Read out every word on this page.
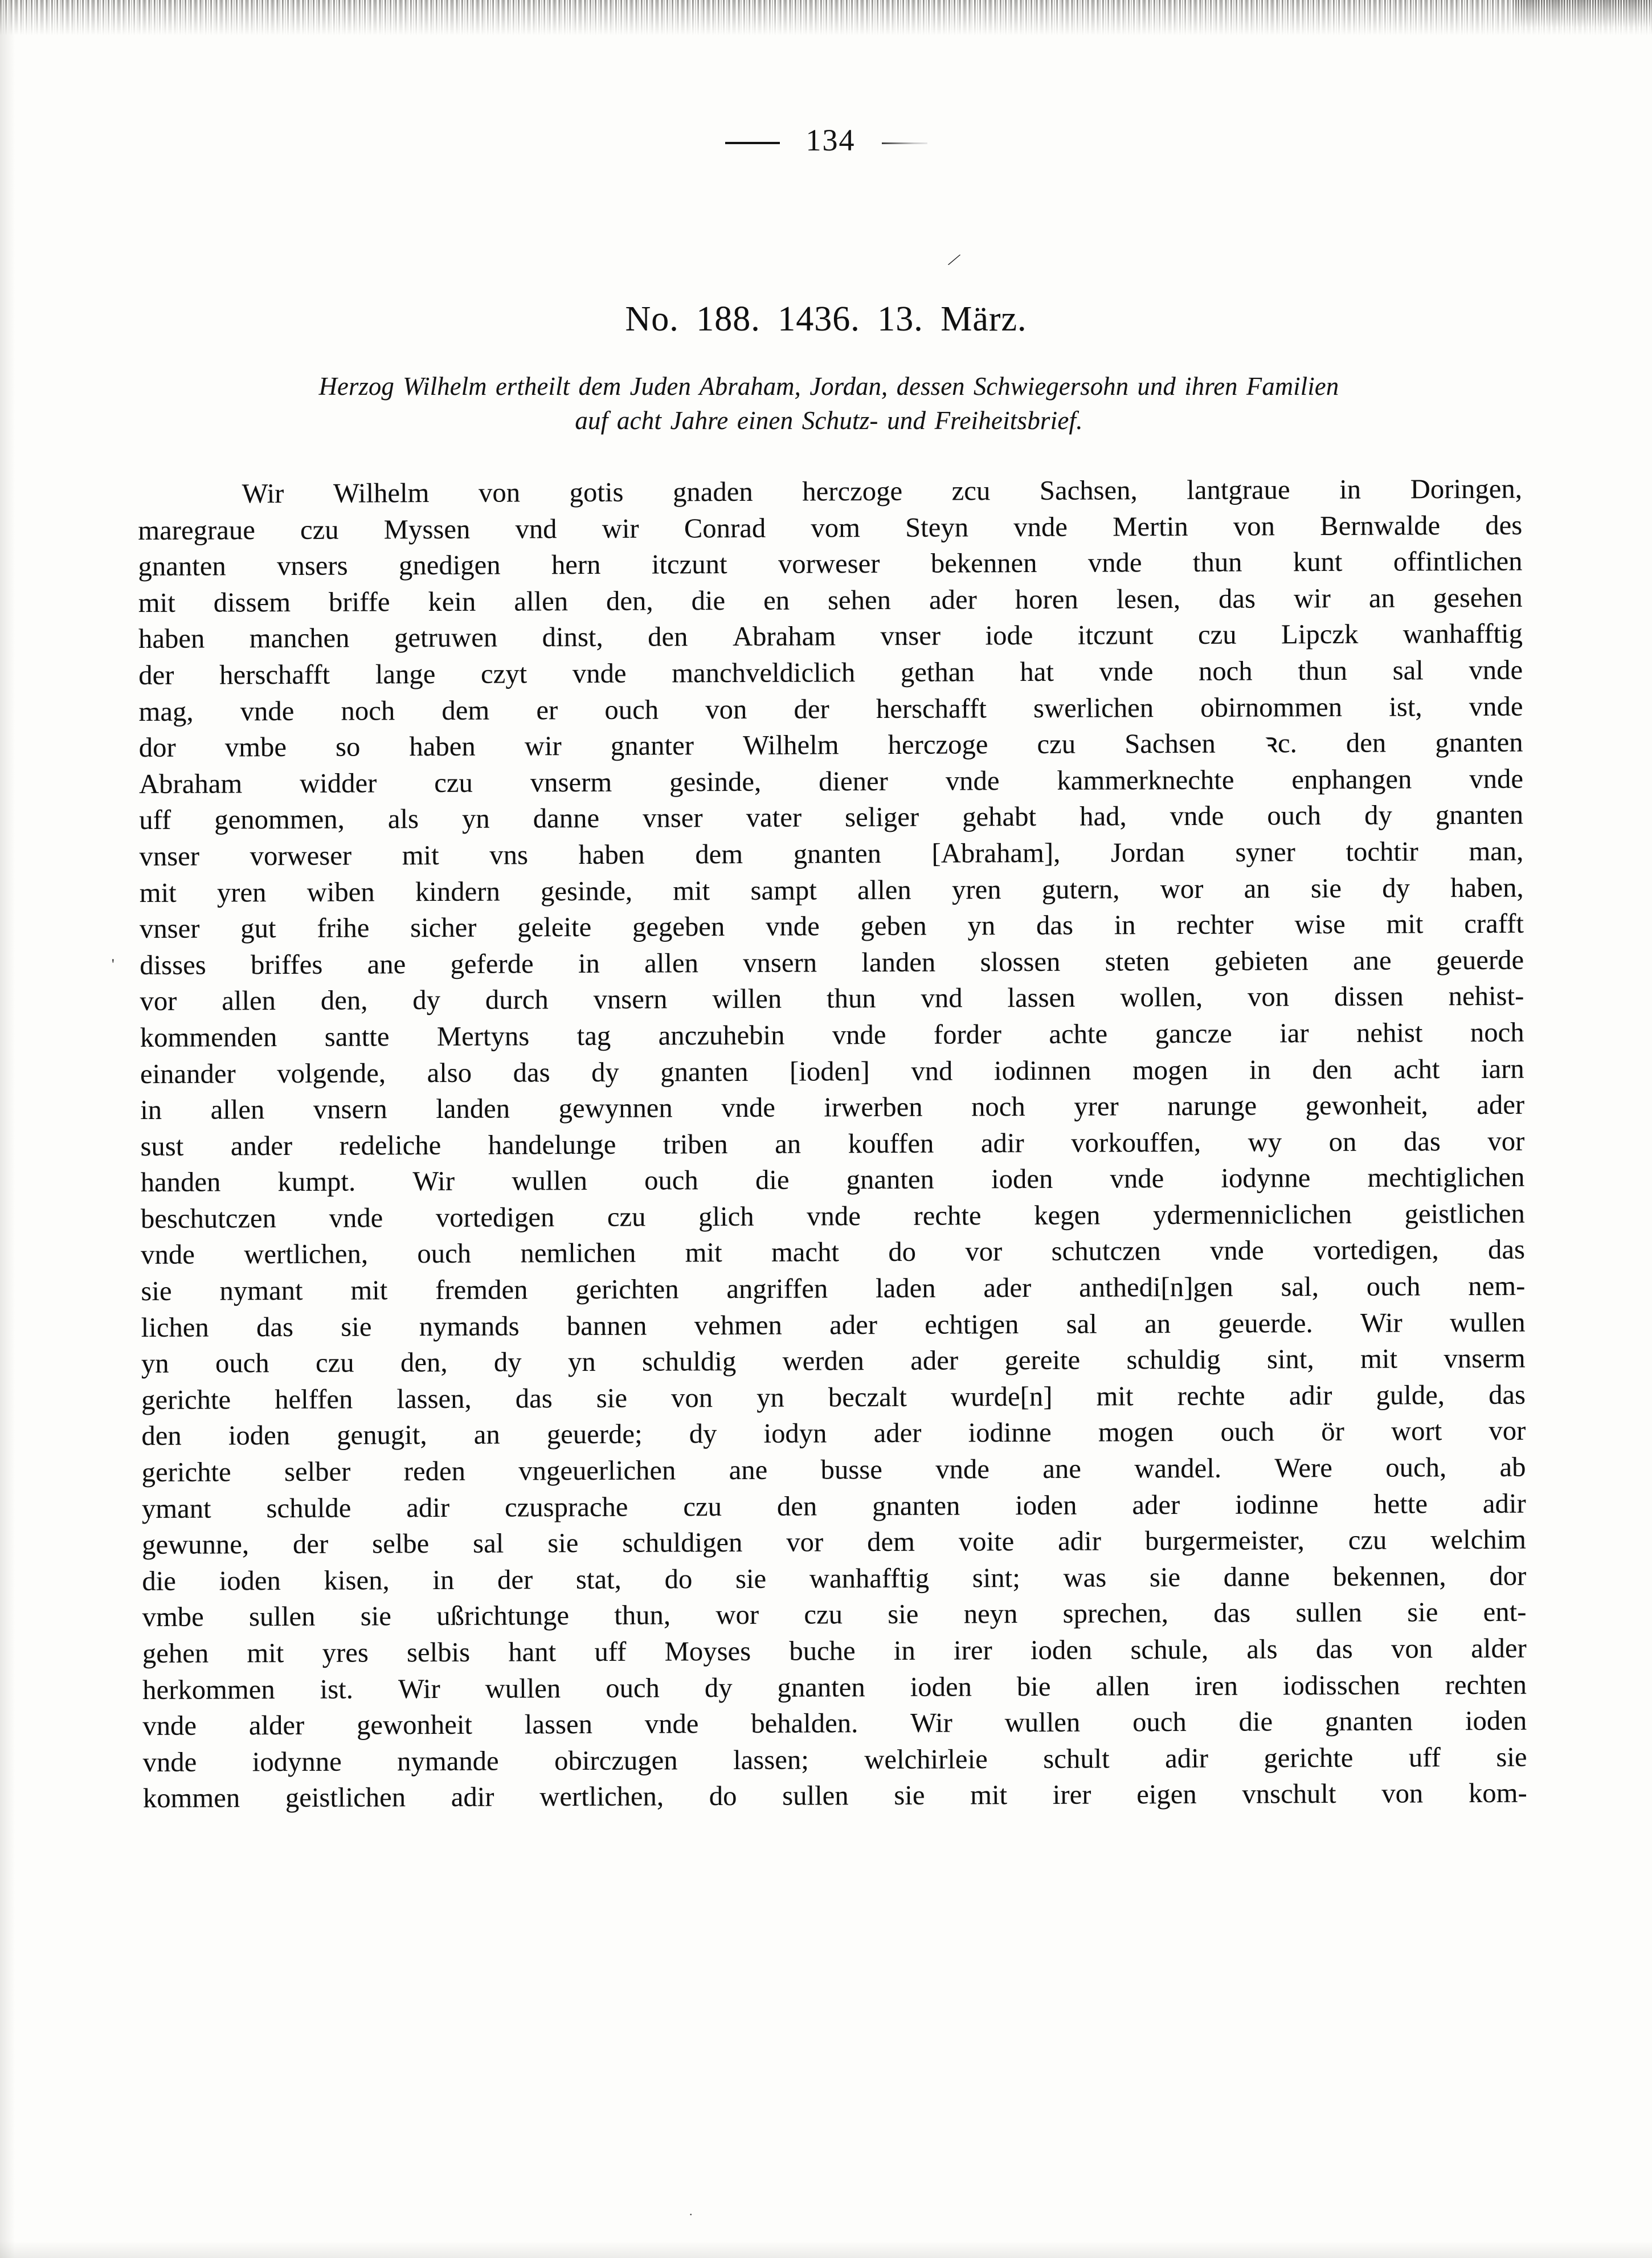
134
⁄
'
.
No. 188. 1436. 13. März.
Herzog Wilhelm ertheilt dem Juden Abraham, Jordan, dessen Schwiegersohn und ihren Familien
auf acht Jahre einen Schutz- und Freiheitsbrief.
Wir Wilhelm von gotis gnaden herczoge zcu Sachsen, lantgraue in Doringen,
maregraue czu Myssen vnd wir Conrad vom Steyn vnde Mertin von Bernwalde des
gnanten vnsers gnedigen hern itczunt vorweser bekennen vnde thun kunt offintlichen
mit dissem briffe kein allen den, die en sehen ader horen lesen, das wir an gesehen
haben manchen getruwen dinst, den Abraham vnser iode itczunt czu Lipczk wanhafftig
der herschafft lange czyt vnde manchveldiclich gethan hat vnde noch thun sal vnde
mag, vnde noch dem er ouch von der herschafft swerlichen obirnommen ist, vnde
dor vmbe so haben wir gnanter Wilhelm herczoge czu Sachsen ꝛc. den gnanten
Abraham widder czu vnserm gesinde, diener vnde kammerknechte enphangen vnde
uff genommen, als yn danne vnser vater seliger gehabt had, vnde ouch dy gnanten
vnser vorweser mit vns haben dem gnanten [Abraham], Jordan syner tochtir man,
mit yren wiben kindern gesinde, mit sampt allen yren gutern, wor an sie dy haben,
vnser gut frihe sicher geleite gegeben vnde geben yn das in rechter wise mit crafft
disses briffes ane geferde in allen vnsern landen slossen steten gebieten ane geuerde
vor allen den, dy durch vnsern willen thun vnd lassen wollen, von dissen nehist-
kommenden santte Mertyns tag anczuhebin vnde forder achte gancze iar nehist noch
einander volgende, also das dy gnanten [ioden] vnd iodinnen mogen in den acht iarn
in allen vnsern landen gewynnen vnde irwerben noch yrer narunge gewonheit, ader
sust ander redeliche handelunge triben an kouffen adir vorkouffen, wy on das vor
handen kumpt. Wir wullen ouch die gnanten ioden vnde iodynne mechtiglichen
beschutczen vnde vortedigen czu glich vnde rechte kegen ydermenniclichen geistlichen
vnde wertlichen, ouch nemlichen mit macht do vor schutczen vnde vortedigen, das
sie nymant mit fremden gerichten angriffen laden ader anthedi[n]gen sal, ouch nem-
lichen das sie nymands bannen vehmen ader echtigen sal an geuerde. Wir wullen
yn ouch czu den, dy yn schuldig werden ader gereite schuldig sint, mit vnserm
gerichte helffen lassen, das sie von yn beczalt wurde[n] mit rechte adir gulde, das
den ioden genugit, an geuerde; dy iodyn ader iodinne mogen ouch ör wort vor
gerichte selber reden vngeuerlichen ane busse vnde ane wandel. Were ouch, ab
ymant schulde adir czusprache czu den gnanten ioden ader iodinne hette adir
gewunne, der selbe sal sie schuldigen vor dem voite adir burgermeister, czu welchim
die ioden kisen, in der stat, do sie wanhafftig sint; was sie danne bekennen, dor
vmbe sullen sie ußrichtunge thun, wor czu sie neyn sprechen, das sullen sie ent-
gehen mit yres selbis hant uff Moyses buche in irer ioden schule, als das von alder
herkommen ist. Wir wullen ouch dy gnanten ioden bie allen iren iodisschen rechten
vnde alder gewonheit lassen vnde behalden. Wir wullen ouch die gnanten ioden
vnde iodynne nymande obirczugen lassen; welchirleie schult adir gerichte uff sie
kommen geistlichen adir wertlichen, do sullen sie mit irer eigen vnschult von kom-
